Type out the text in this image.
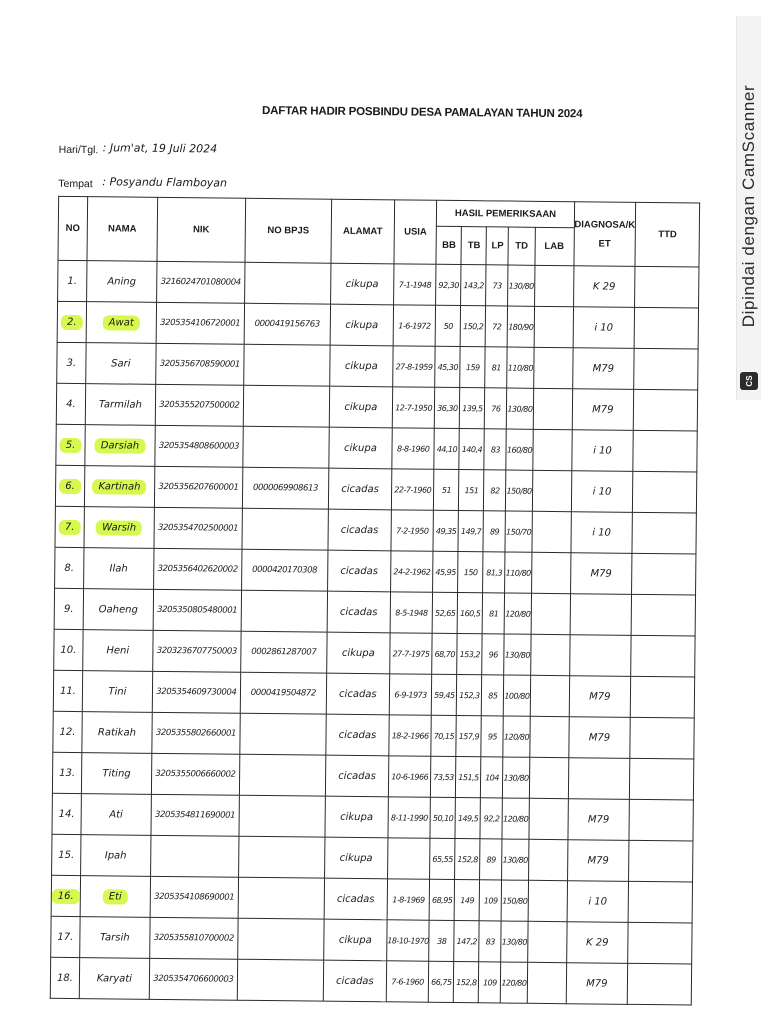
DAFTAR HADIR POSBINDU DESA PAMALAYAN TAHUN 2024
Hari/Tgl. : Jum'at, 19 Juli 2024
Tempat : Posyandu Flamboyan
NO	NAMA	NIK	NO BPJS	ALAMAT	USIA	HASIL PEMERIKSAAN					DIAGNOSA/K
ET	TTD
						BB	TB	LP	TD	LAB		
1.	Aning	3216024701080004		cikupa	7-1-1948	92,30	143,2	73	130/80		K 29	
2.	Awat	3205354106720001	0000419156763	cikupa	1-6-1972	50	150,2	72	180/90		i 10	
3.	Sari	3205356708590001		cikupa	27-8-1959	45,30	159	81	110/80		M79	
4.	Tarmilah	3205355207500002		cikupa	12-7-1950	36,30	139,5	76	130/80		M79	
5.	Darsiah	3205354808600003		cikupa	8-8-1960	44,10	140,4	83	160/80		i 10	
6.	Kartinah	3205356207600001	0000069908613	cicadas	22-7-1960	51	151	82	150/80		i 10	
7.	Warsih	3205354702500001		cicadas	7-2-1950	49,35	149,7	89	150/70		i 10	
8.	Ilah	3205356402620002	0000420170308	cicadas	24-2-1962	45,95	150	81,3	110/80		M79	
9.	Oaheng	3205350805480001		cicadas	8-5-1948	52,65	160,5	81	120/80			
10.	Heni	3203236707750003	0002861287007	cikupa	27-7-1975	68,70	153,2	96	130/80			
11.	Tini	3205354609730004	0000419504872	cicadas	6-9-1973	59,45	152,3	85	100/80		M79	
12.	Ratikah	3205355802660001		cicadas	18-2-1966	70,15	157,9	95	120/80		M79	
13.	Titing	3205355006660002		cicadas	10-6-1966	73,53	151,5	104	130/80			
14.	Ati	3205354811690001		cikupa	8-11-1990	50,10	149,5	92,2	120/80		M79	
15.	Ipah			cikupa		65,55	152,8	89	130/80		M79	
16.	Eti	3205354108690001		cicadas	1-8-1969	68,95	149	109	150/80		i 10	
17.	Tarsih	3205355810700002		cikupa	18-10-1970	38	147,2	83	130/80		K 29	
18.	Karyati	3205354706600003		cicadas	7-6-1960	66,75	152,8	109	120/80		M79	
Dipindai dengan CamScanner
CS
